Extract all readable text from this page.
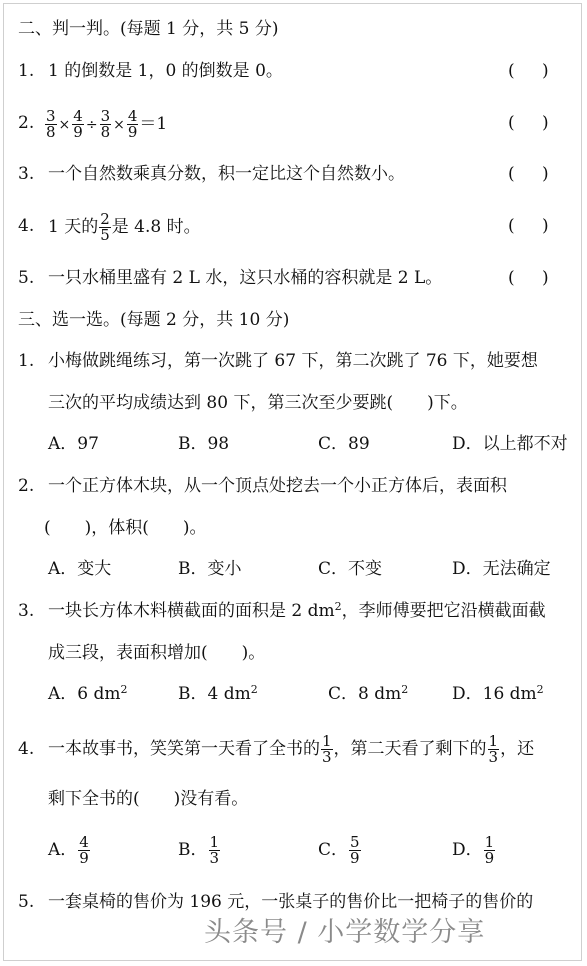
二、判一判。(每题 1 分，共 5 分)
1. 1 的倒数是 1，0 的倒数是 0。	( )
2. $\frac{3}{8} \times \frac{4}{9} \div \frac{3}{8} \times \frac{4}{9} =1$	( )
3. 一个自然数乘真分数，积一定比这个自然数小。	( )
4. 1 天的 $\frac{2}{5}$ 是 4.8 时。	( )
5. 一只水桶里盛有 2 L 水，这只水桶的容积就是 2 L。	( )
三、选一选。(每题 2 分，共 10 分)
1. 小梅做跳绳练习，第一次跳了 67 下，第二次跳了 76 下，她要想
三次的平均成绩达到 80 下，第三次至少要跳(　　)下。
A．97	B．98	C．89	D．以上都不对
2. 一个正方体木块，从一个顶点处挖去一个小正方体后，表面积
(　　)，体积(　　)。
A．变大	B．变小	C．不变	D．无法确定
3. 一块长方体木料横截面的面积是 2 $dm^2$，李师傅要把它沿横截面截
成三段，表面积增加(　　)。
A．6 $dm^2$	B．4 $dm^2$	C．8 $dm^2$	D．16 $dm^2$
4. 一本故事书，笑笑第一天看了全书的 $\frac{1}{3}$ ，第二天看了剩下的 $\frac{1}{3}$ ，还
剩下全书的(　　)没有看。
A． $\frac{4}{9}$	B． $\frac{1}{3}$	C． $\frac{5}{9}$	D． $\frac{1}{9}$
5. 一套桌椅的售价为 196 元，一张桌子的售价比一把椅子的售价的
头条号 / 小学数学分享
